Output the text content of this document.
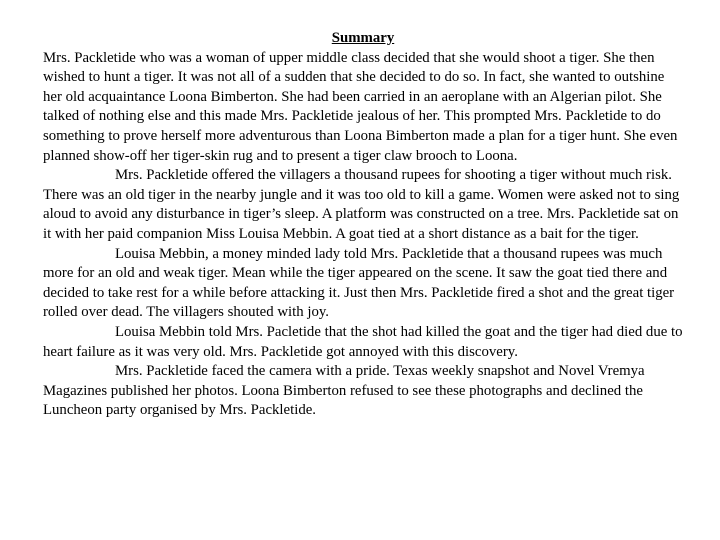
Summary

Mrs. Packletide who was a woman of upper middle class decided that she would shoot a tiger. She then wished to hunt a tiger. It was not all of a sudden that she decided to do so. In fact, she wanted to outshine her old acquaintance Loona Bimberton. She had been carried in an aeroplane with an Algerian pilot. She talked of nothing else and this made Mrs. Packletide jealous of her. This prompted Mrs. Packletide to do something to prove herself more adventurous than Loona Bimberton made a plan for a tiger hunt. She even planned show-off her tiger-skin rug and to present a tiger claw brooch to Loona.

Mrs. Packletide offered the villagers a thousand rupees for shooting a tiger without much risk. There was an old tiger in the nearby jungle and it was too old to kill a game. Women were asked not to sing aloud to avoid any disturbance in tiger’s sleep. A platform was constructed on a tree. Mrs. Packletide sat on it with her paid companion Miss Louisa Mebbin. A goat tied at a short distance as a bait for the tiger.

Louisa Mebbin, a money minded lady told Mrs. Packletide that a thousand rupees was much more for an old and weak tiger. Mean while the tiger appeared on the scene. It saw the goat tied there and decided to take rest for a while before attacking it. Just then Mrs. Packletide fired a shot and the great tiger rolled over dead. The villagers shouted with joy.

Louisa Mebbin told Mrs. Pacletide that the shot had killed the goat and the tiger had died due to heart failure as it was very old. Mrs. Packletide got annoyed with this discovery.

Mrs. Packletide faced the camera with a pride. Texas weekly snapshot and Novel Vremya Magazines published her photos. Loona Bimberton refused to see these photographs and declined the Luncheon party organised by Mrs. Packletide.
